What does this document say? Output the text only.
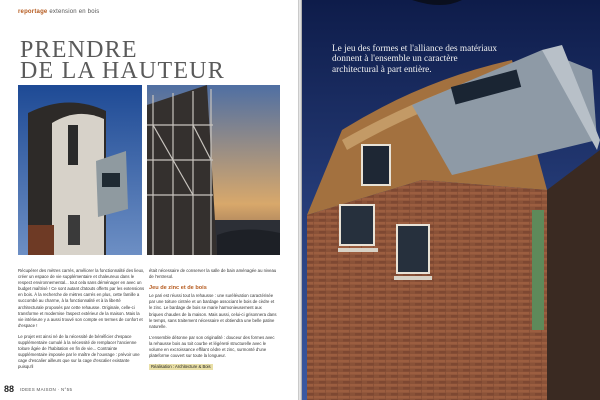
reportage extension en bois
PRENDRE
DE LA HAUTEUR

Récupérer des mètres carrés, améliorer la fonctionnalité des lieux, créer un espace de vie supplémentaire et chaleureux dans le respect environnemental... tout cela sans déménager en avec un budget maîtrisé ! Ce sont autant d'atouts offerts par les extensions en bois. À la recherche de mètres carrés en plus, cette famille a succombé au charme, à la fonctionnalité et à la liberté architecturale proposés par cette rehausse. Originale, celle-ci transforme et modernise l'aspect extérieur de la maison. Mais la vie intérieure y a aussi trouvé son compte en termes de confort et d'espace !

Le projet est ainsi né de la nécessité de bénéficier d'espace supplémentaire cumulé à la nécessité de remplacer l'ancienne toiture âgée de l'habitation en fin de vie... Contrainte supplémentaire imposée par le maître de l'ouvrage : prévoir une cage d'escalier ailleurs que sur la cage d'escalier existante puisqu'il

était nécessaire de conserver la salle de bain aménagée au niveau de l'entresol.

Jeu de zinc et de bois

Le pari est réussi tout la rehausse : une surélévation caractérisée par une toiture cintrée et un bardage associant le bois de cèdre et le zinc. Le bardage de bois se marie harmonieusement aux briques chaudes de la maison. Mais aussi, celui-ci grisonnera dans le temps, sans traitement nécessaire et obtiendra une belle patine naturelle.

L'ensemble détonne par son originalité : douceur des formes avec la rehausse bois au toit courbe et légèreté structurelle avec le volume en excroissance effilant cèdre et zinc, surmonté d'une plateforme couvert sur toute la longueur.

Réalisation : Architecture & Bois
88 IDEES MAISON · N°55

Le jeu des formes et l'alliance des matériaux donnent à l'ensemble un caractère architectural à part entière.
